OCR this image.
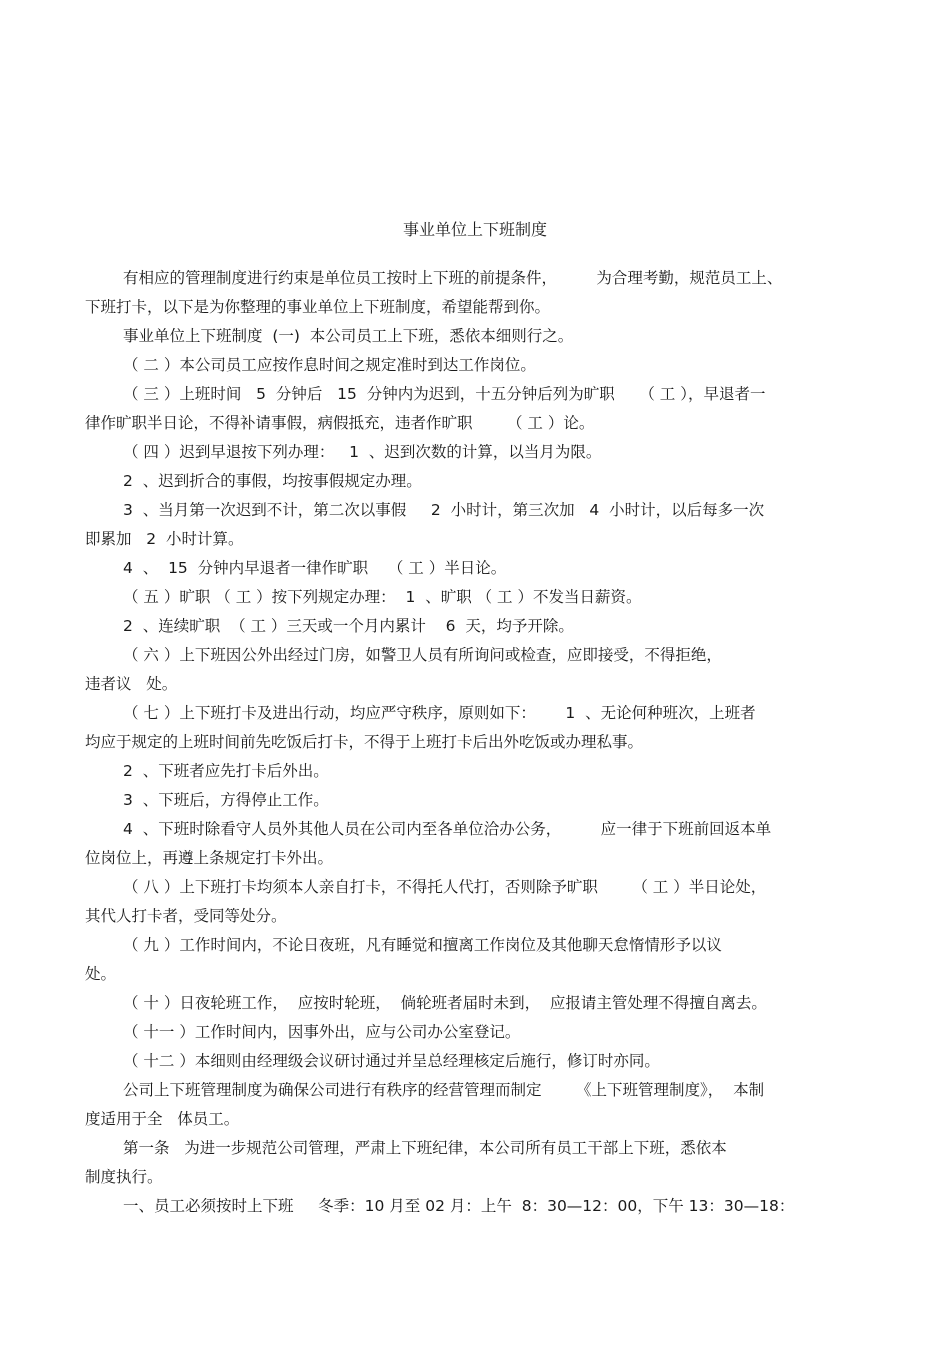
事业单位上下班制度
有相应的管理制度进行约束是单位员工按时上下班的前提条件，        为合理考勤，规范员工上、
下班打卡，以下是为你整理的事业单位上下班制度，希望能帮到你。
事业单位上下班制度  (一)  本公司员工上下班，悉依本细则行之。
（ 二 ）本公司员工应按作息时间之规定准时到达工作岗位。
（ 三 ）上班时间   5  分钟后   15  分钟内为迟到，十五分钟后列为旷职     （ 工 ），早退者一
律作旷职半日论，不得补请事假，病假抵充，违者作旷职       （ 工 ）论。
（ 四 ）迟到早退按下列办理：   1  、迟到次数的计算，以当月为限。
2  、迟到折合的事假，均按事假规定办理。
3  、当月第一次迟到不计，第二次以事假     2  小时计，第三次加   4  小时计，以后每多一次
即累加   2  小时计算。
4  、  15  分钟内早退者一律作旷职    （ 工 ）半日论。
（ 五 ）旷职 （ 工 ）按下列规定办理：  1  、旷职 （ 工 ）不发当日薪资。
2  、连续旷职  （ 工 ）三天或一个月内累计    6  天，均予开除。
（ 六 ）上下班因公外出经过门房，如警卫人员有所询问或检查，应即接受，不得拒绝，
违者议   处。
（ 七 ）上下班打卡及进出行动，均应严守秩序，原则如下：      1  、无论何种班次，上班者
均应于规定的上班时间前先吃饭后打卡，不得于上班打卡后出外吃饭或办理私事。
2  、下班者应先打卡后外出。
3  、下班后，方得停止工作。
4  、下班时除看守人员外其他人员在公司内至各单位洽办公务，        应一律于下班前回返本单
位岗位上，再遵上条规定打卡外出。
（ 八 ）上下班打卡均须本人亲自打卡，不得托人代打，否则除予旷职       （ 工 ）半日论处，
其代人打卡者，受同等处分。
（ 九 ）工作时间内，不论日夜班，凡有睡觉和擅离工作岗位及其他聊天怠惰情形予以议
处。
（ 十 ）日夜轮班工作，  应按时轮班，  倘轮班者届时未到，  应报请主管处理不得擅自离去。
（ 十一 ）工作时间内，因事外出，应与公司办公室登记。
（ 十二 ）本细则由经理级会议研讨通过并呈总经理核定后施行，修订时亦同。
公司上下班管理制度为确保公司进行有秩序的经营管理而制定       《上下班管理制度》，  本制
度适用于全   体员工。
第一条   为进一步规范公司管理，严肃上下班纪律，本公司所有员工干部上下班，悉依本
制度执行。
一、员工必须按时上下班     冬季：10 月至 02 月：上午  8：30—12：00，下午 13：30—18：
